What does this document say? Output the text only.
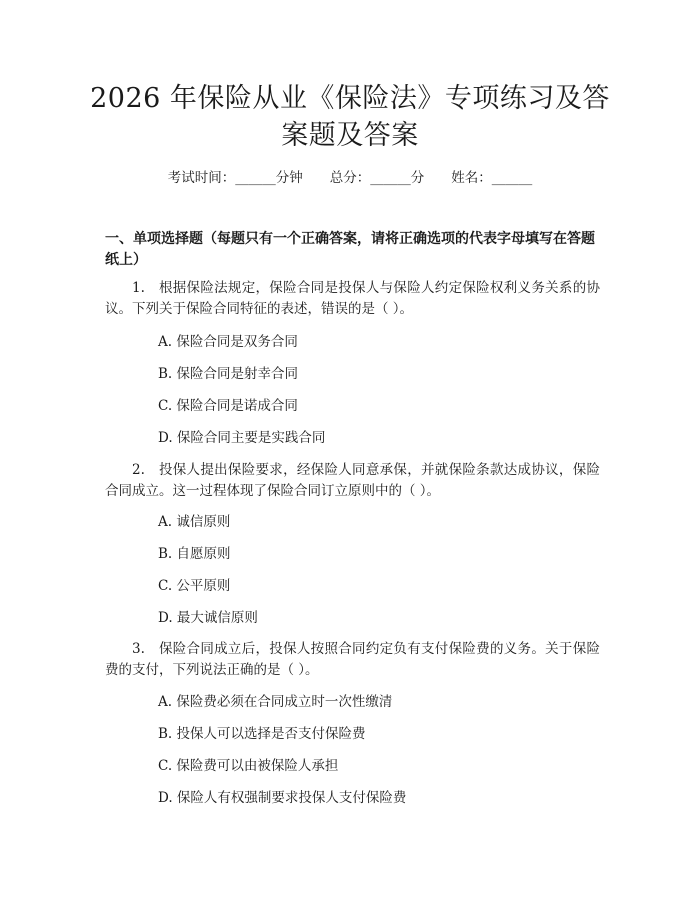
2026 年保险从业《保险法》专项练习及答案题及答案
考试时间：______分钟　　总分：______分　　姓名：______
一、单项选择题（每题只有一个正确答案，请将正确选项的代表字母填写在答题纸上）
1.　根据保险法规定，保险合同是投保人与保险人约定保险权利义务关系的协议。下列关于保险合同特征的表述，错误的是（ ）。
A. 保险合同是双务合同
B. 保险合同是射幸合同
C. 保险合同是诺成合同
D. 保险合同主要是实践合同
2.　投保人提出保险要求，经保险人同意承保，并就保险条款达成协议，保险合同成立。这一过程体现了保险合同订立原则中的（ ）。
A. 诚信原则
B. 自愿原则
C. 公平原则
D. 最大诚信原则
3.　保险合同成立后，投保人按照合同约定负有支付保险费的义务。关于保险费的支付，下列说法正确的是（ ）。
A. 保险费必须在合同成立时一次性缴清
B. 投保人可以选择是否支付保险费
C. 保险费可以由被保险人承担
D. 保险人有权强制要求投保人支付保险费
